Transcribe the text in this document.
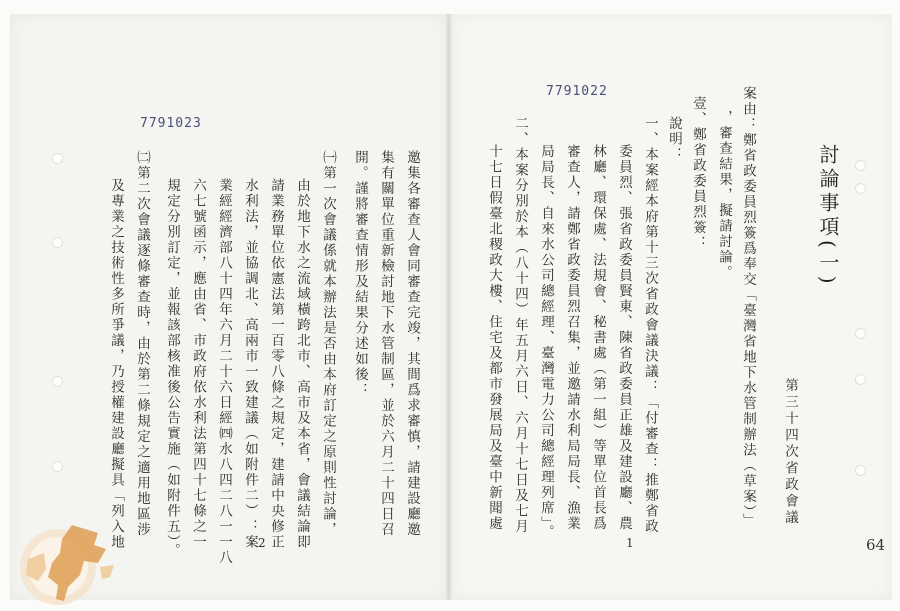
7791023
7791022
討論事項(一)
第三十四次省政會議
案由：鄭省政委員烈簽爲奉交「臺灣省地下水管制辦法（草案）」
，審查結果，擬請討論。
壹、鄭省政委員烈簽：
說明：
一、本案經本府第十三次省政會議決議：「付審查：推鄭省政
委員烈、張省政委員賢東、陳省政委員正雄及建設廳、農
林廳、環保處、法規會、秘書處（第一組）等單位首長爲
審查人，請鄭省政委員烈召集，並邀請水利局局長、漁業
局局長、自來水公司總經理、臺灣電力公司總經理列席」。
二、本案分別於本（八十四）年五月六日、六月十七日及七月
十七日假臺北稷政大樓、住宅及都市發展局及臺中新聞處
1	64
邀集各審查人會同審查完竣，其間爲求審慎，請建設廳邀
集有關單位重新檢討地下水管制區，並於六月二十四日召
開。謹將審查情形及結果分述如後：
㈠第一次會議係就本辦法是否由本府訂定之原則性討論，
由於地下水之流域橫跨北市、高市及本省，會議結論即
請業務單位依憲法第一百零八條之規定，建請中央修正
水利法，並協調北、高兩市一致建議（如附件二）：案
業經經濟部八十四年六月二十六日經㈣水八四二八一一八
六七號函示，應由省、市政府依水利法第四十七條之一
規定分別訂定，並報該部核准後公告實施（如附件五）。
㈡第二次會議逐條審查時，由於第二條規定之適用地區涉
及專業之技術性多所爭議，乃授權建設廳擬具「列入地	2
